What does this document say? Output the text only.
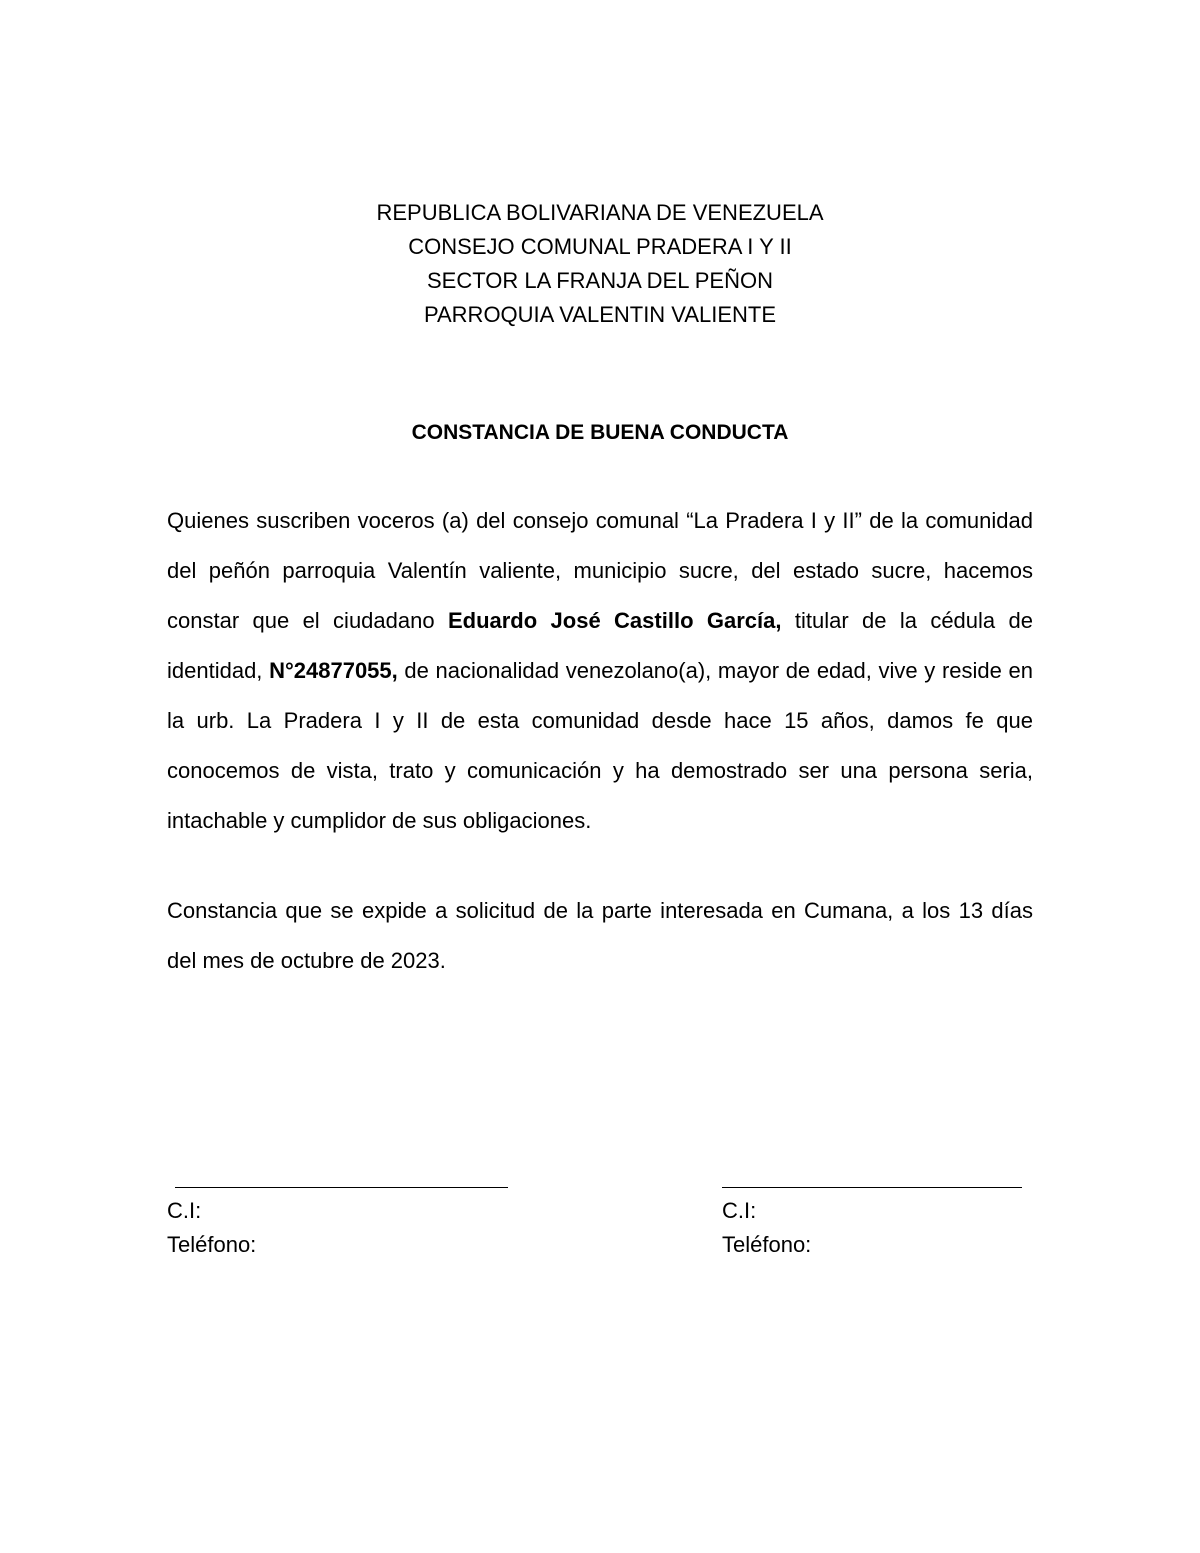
REPUBLICA BOLIVARIANA DE VENEZUELA
CONSEJO COMUNAL PRADERA I Y II
SECTOR LA FRANJA DEL PEÑON
PARROQUIA VALENTIN VALIENTE
CONSTANCIA DE BUENA CONDUCTA

Quienes suscriben voceros (a) del consejo comunal “La Pradera I y II” de la comunidad del peñón parroquia Valentín valiente, municipio sucre, del estado sucre, hacemos constar que el ciudadano Eduardo José Castillo García, titular de la cédula de identidad, N°24877055, de nacionalidad venezolano(a), mayor de edad, vive y reside en la urb. La Pradera I y II de esta comunidad desde hace 15 años, damos fe que conocemos de vista, trato y comunicación y ha demostrado ser una persona seria, intachable y cumplidor de sus obligaciones.

Constancia que se expide a solicitud de la parte interesada en Cumana, a los 13 días del mes de octubre de 2023.

C.I:
Teléfono:
C.I:
Teléfono:
